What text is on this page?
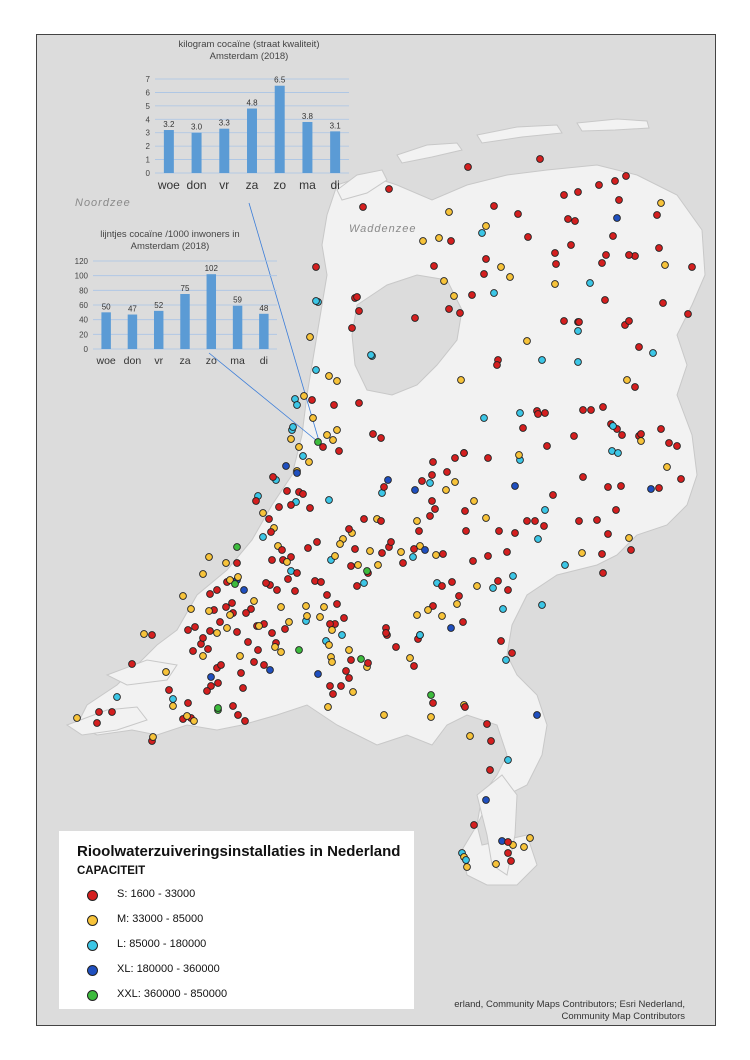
Noordzee
Waddenzee
kilogram cocaïne (straat kwaliteit)
Amsterdam (2018)
0
1
2
3
4
5
6
7
3.2
woe
3.0
don
3.3
vr
4.8
za
6.5
zo
3.8
ma
3.1
di
lijntjes cocaïne /1000 inwoners in
Amsterdam (2018)
0
20
40
60
80
100
120
50
woe
47
don
52
vr
75
za
102
zo
59
ma
48
di
Rioolwaterzuiveringsinstallaties in Nederland
CAPACITEIT
S: 1600 - 33000
M: 33000 - 85000
L: 85000 - 180000
XL: 180000 - 360000
XXL: 360000 - 850000
erland, Community Maps Contributors; Esri Nederland,
Community Map Contributors
